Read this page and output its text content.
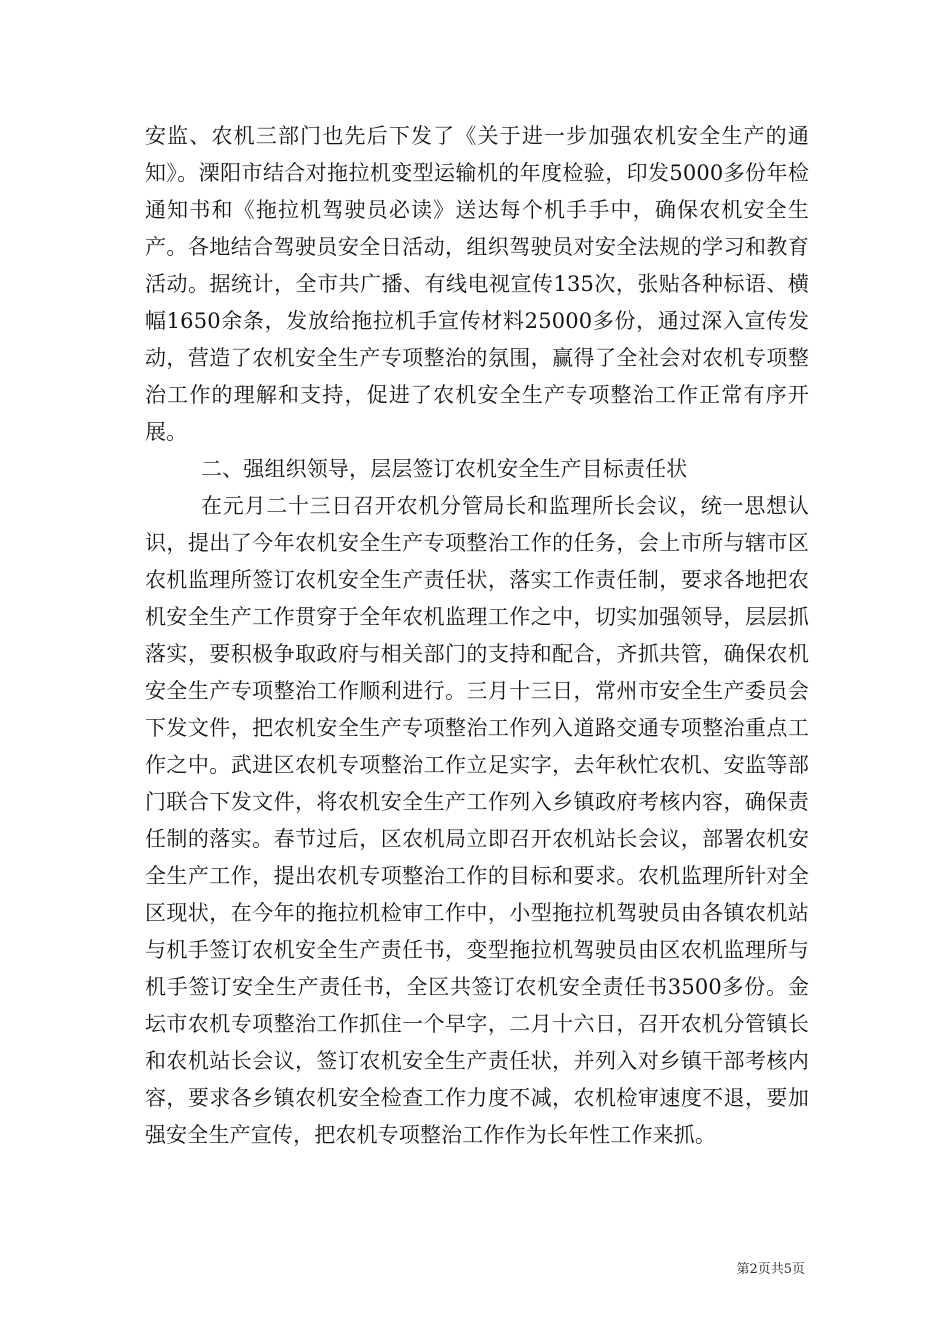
安监、农机三部门也先后下发了《关于进一步加强农机安全生产的通知》。溧阳市结合对拖拉机变型运输机的年度检验，印发5000多份年检通知书和《拖拉机驾驶员必读》送达每个机手手中，确保农机安全生产。各地结合驾驶员安全日活动，组织驾驶员对安全法规的学习和教育活动。据统计，全市共广播、有线电视宣传135次，张贴各种标语、横幅1650余条，发放给拖拉机手宣传材料25000多份，通过深入宣传发动，营造了农机安全生产专项整治的氛围，赢得了全社会对农机专项整治工作的理解和支持，促进了农机安全生产专项整治工作正常有序开展。

二、强组织领导，层层签订农机安全生产目标责任状

在元月二十三日召开农机分管局长和监理所长会议，统一思想认识，提出了今年农机安全生产专项整治工作的任务，会上市所与辖市区农机监理所签订农机安全生产责任状，落实工作责任制，要求各地把农机安全生产工作贯穿于全年农机监理工作之中，切实加强领导，层层抓落实，要积极争取政府与相关部门的支持和配合，齐抓共管，确保农机安全生产专项整治工作顺利进行。三月十三日，常州市安全生产委员会下发文件，把农机安全生产专项整治工作列入道路交通专项整治重点工作之中。武进区农机专项整治工作立足实字，去年秋忙农机、安监等部门联合下发文件，将农机安全生产工作列入乡镇政府考核内容，确保责任制的落实。春节过后，区农机局立即召开农机站长会议，部署农机安全生产工作，提出农机专项整治工作的目标和要求。农机监理所针对全区现状，在今年的拖拉机检审工作中，小型拖拉机驾驶员由各镇农机站与机手签订农机安全生产责任书，变型拖拉机驾驶员由区农机监理所与机手签订安全生产责任书，全区共签订农机安全责任书3500多份。金坛市农机专项整治工作抓住一个早字，二月十六日，召开农机分管镇长和农机站长会议，签订农机安全生产责任状，并列入对乡镇干部考核内容，要求各乡镇农机安全检查工作力度不减，农机检审速度不退，要加强安全生产宣传，把农机专项整治工作作为长年性工作来抓。

第2页共5页
